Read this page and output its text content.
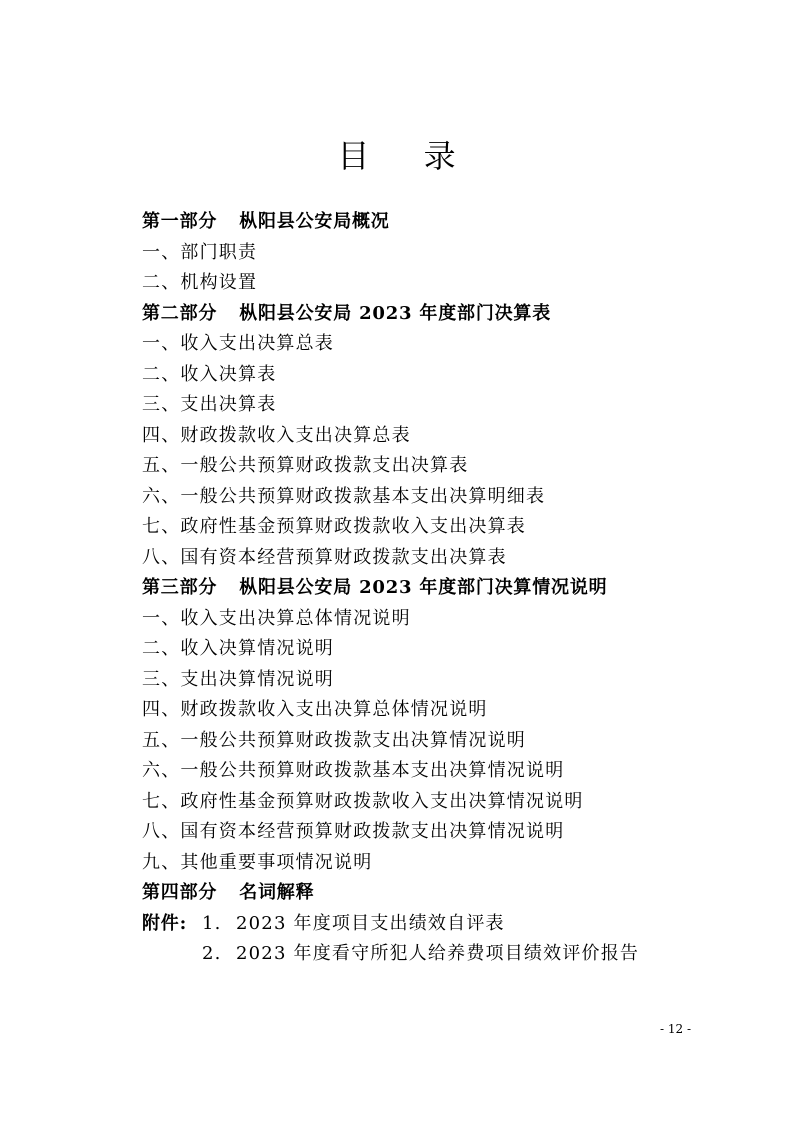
目 录
第一部分 枞阳县公安局概况
一、部门职责
二、机构设置
第二部分 枞阳县公安局 2023 年度部门决算表
一、收入支出决算总表
二、收入决算表
三、支出决算表
四、财政拨款收入支出决算总表
五、一般公共预算财政拨款支出决算表
六、一般公共预算财政拨款基本支出决算明细表
七、政府性基金预算财政拨款收入支出决算表
八、国有资本经营预算财政拨款支出决算表
第三部分 枞阳县公安局 2023 年度部门决算情况说明
一、收入支出决算总体情况说明
二、收入决算情况说明
三、支出决算情况说明
四、财政拨款收入支出决算总体情况说明
五、一般公共预算财政拨款支出决算情况说明
六、一般公共预算财政拨款基本支出决算情况说明
七、政府性基金预算财政拨款收入支出决算情况说明
八、国有资本经营预算财政拨款支出决算情况说明
九、其他重要事项情况说明
第四部分 名词解释
附件: 1. 2023 年度项目支出绩效自评表
2. 2023 年度看守所犯人给养费项目绩效评价报告
- 12 -
